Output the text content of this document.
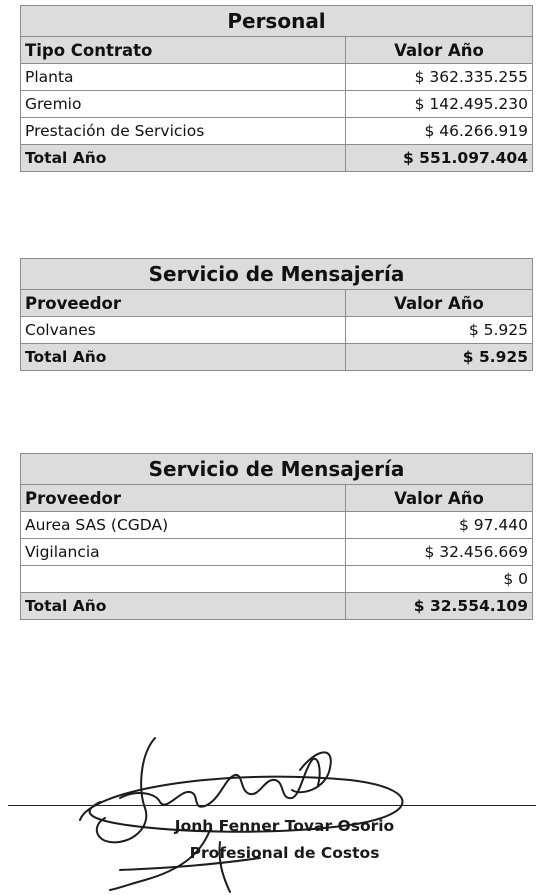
Personal	
Tipo Contrato	Valor Año
Planta	$ 362.335.255
Gremio	$ 142.495.230
Prestación de Servicios	$ 46.266.919
Total Año	$ 551.097.404
Servicio de Mensajería	
Proveedor	Valor Año
Colvanes	$ 5.925
Total Año	$ 5.925
Servicio de Mensajería	
Proveedor	Valor Año
Aurea SAS (CGDA)	$ 97.440
Vigilancia	$ 32.456.669
	$ 0
Total Año	$ 32.554.109
Jonh Fenner Tovar Osorio
Profesional de Costos
